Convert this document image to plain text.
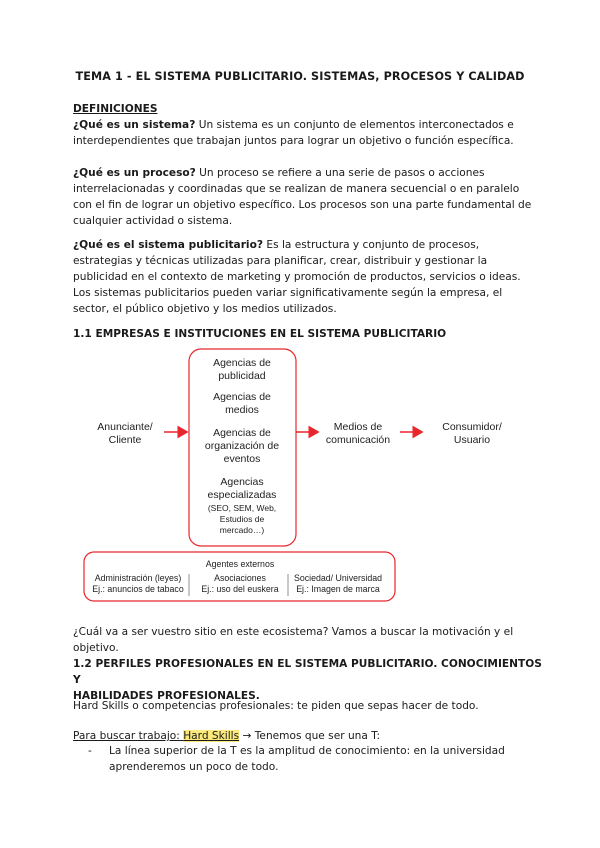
TEMA 1 - EL SISTEMA PUBLICITARIO. SISTEMAS, PROCESOS Y CALIDAD
DEFINICIONES
¿Qué es un sistema? Un sistema es un conjunto de elementos interconectados e interdependientes que trabajan juntos para lograr un objetivo o función específica.
¿Qué es un proceso? Un proceso se refiere a una serie de pasos o acciones interrelacionadas y coordinadas que se realizan de manera secuencial o en paralelo con el fin de lograr un objetivo específico. Los procesos son una parte fundamental de cualquier actividad o sistema.
¿Qué es el sistema publicitario? Es la estructura y conjunto de procesos, estrategias y técnicas utilizadas para planificar, crear, distribuir y gestionar la publicidad en el contexto de marketing y promoción de productos, servicios o ideas. Los sistemas publicitarios pueden variar significativamente según la empresa, el sector, el público objetivo y los medios utilizados.
1.1 EMPRESAS E INSTITUCIONES EN EL SISTEMA PUBLICITARIO
Anunciante/
Cliente
Agencias de
publicidad
Agencias de
medios
Agencias de
organización de
eventos
Agencias
especializadas
(SEO, SEM, Web,
Estudios de
mercado…)
Medios de
comunicación
Consumidor/
Usuario
Agentes externos
Administración (leyes)
Ej.: anuncios de tabaco
Asociaciones
Ej.: uso del euskera
Sociedad/ Universidad
Ej.: Imagen de marca
¿Cuál va a ser vuestro sitio en este ecosistema? Vamos a buscar la motivación y el objetivo.
1.2 PERFILES PROFESIONALES EN EL SISTEMA PUBLICITARIO. CONOCIMIENTOS Y
HABILIDADES PROFESIONALES.
Hard Skills o competencias profesionales: te piden que sepas hacer de todo.
Para buscar trabajo: Hard Skills → Tenemos que ser una T:
- La línea superior de la T es la amplitud de conocimiento: en la universidad aprenderemos un poco de todo.
